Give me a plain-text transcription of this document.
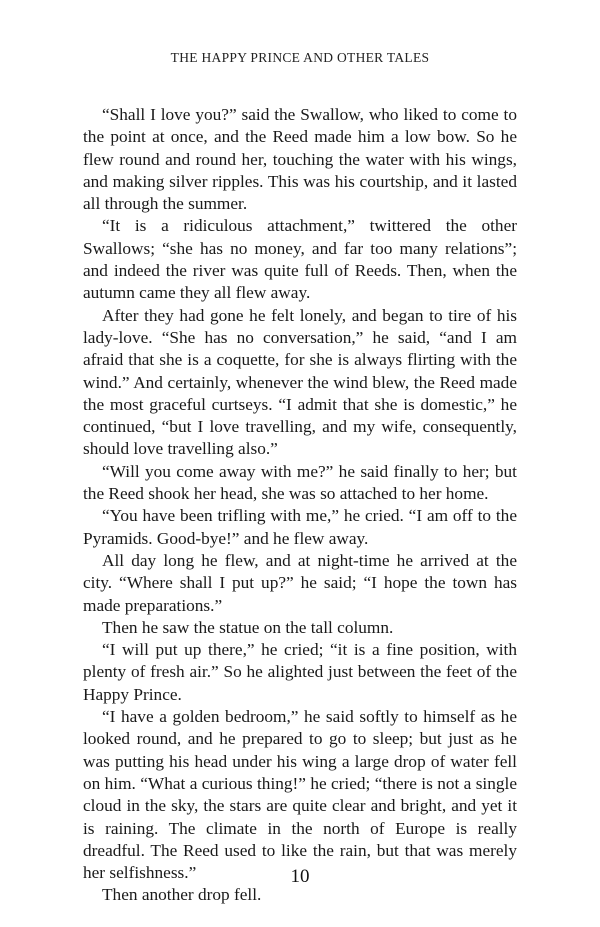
THE HAPPY PRINCE AND OTHER TALES

“Shall I love you?” said the Swallow, who liked to come to the point at once, and the Reed made him a low bow. So he flew round and round her, touching the water with his wings, and making silver ripples. This was his courtship, and it lasted all through the summer.

“It is a ridiculous attachment,” twittered the other Swallows; “she has no money, and far too many relations”; and indeed the river was quite full of Reeds. Then, when the autumn came they all flew away.

After they had gone he felt lonely, and began to tire of his lady-love. “She has no conversation,” he said, “and I am afraid that she is a coquette, for she is always flirting with the wind.” And certainly, whenever the wind blew, the Reed made the most graceful curtseys. “I admit that she is domestic,” he continued, “but I love travelling, and my wife, consequently, should love travelling also.”

“Will you come away with me?” he said finally to her; but the Reed shook her head, she was so attached to her home.

“You have been trifling with me,” he cried. “I am off to the Pyramids. Good-bye!” and he flew away.

All day long he flew, and at night-time he arrived at the city. “Where shall I put up?” he said; “I hope the town has made preparations.”

Then he saw the statue on the tall column.

“I will put up there,” he cried; “it is a fine position, with plenty of fresh air.” So he alighted just between the feet of the Happy Prince.

“I have a golden bedroom,” he said softly to himself as he looked round, and he prepared to go to sleep; but just as he was putting his head under his wing a large drop of water fell on him. “What a curious thing!” he cried; “there is not a single cloud in the sky, the stars are quite clear and bright, and yet it is raining. The climate in the north of Europe is really dreadful. The Reed used to like the rain, but that was merely her selfishness.”

Then another drop fell.

10
